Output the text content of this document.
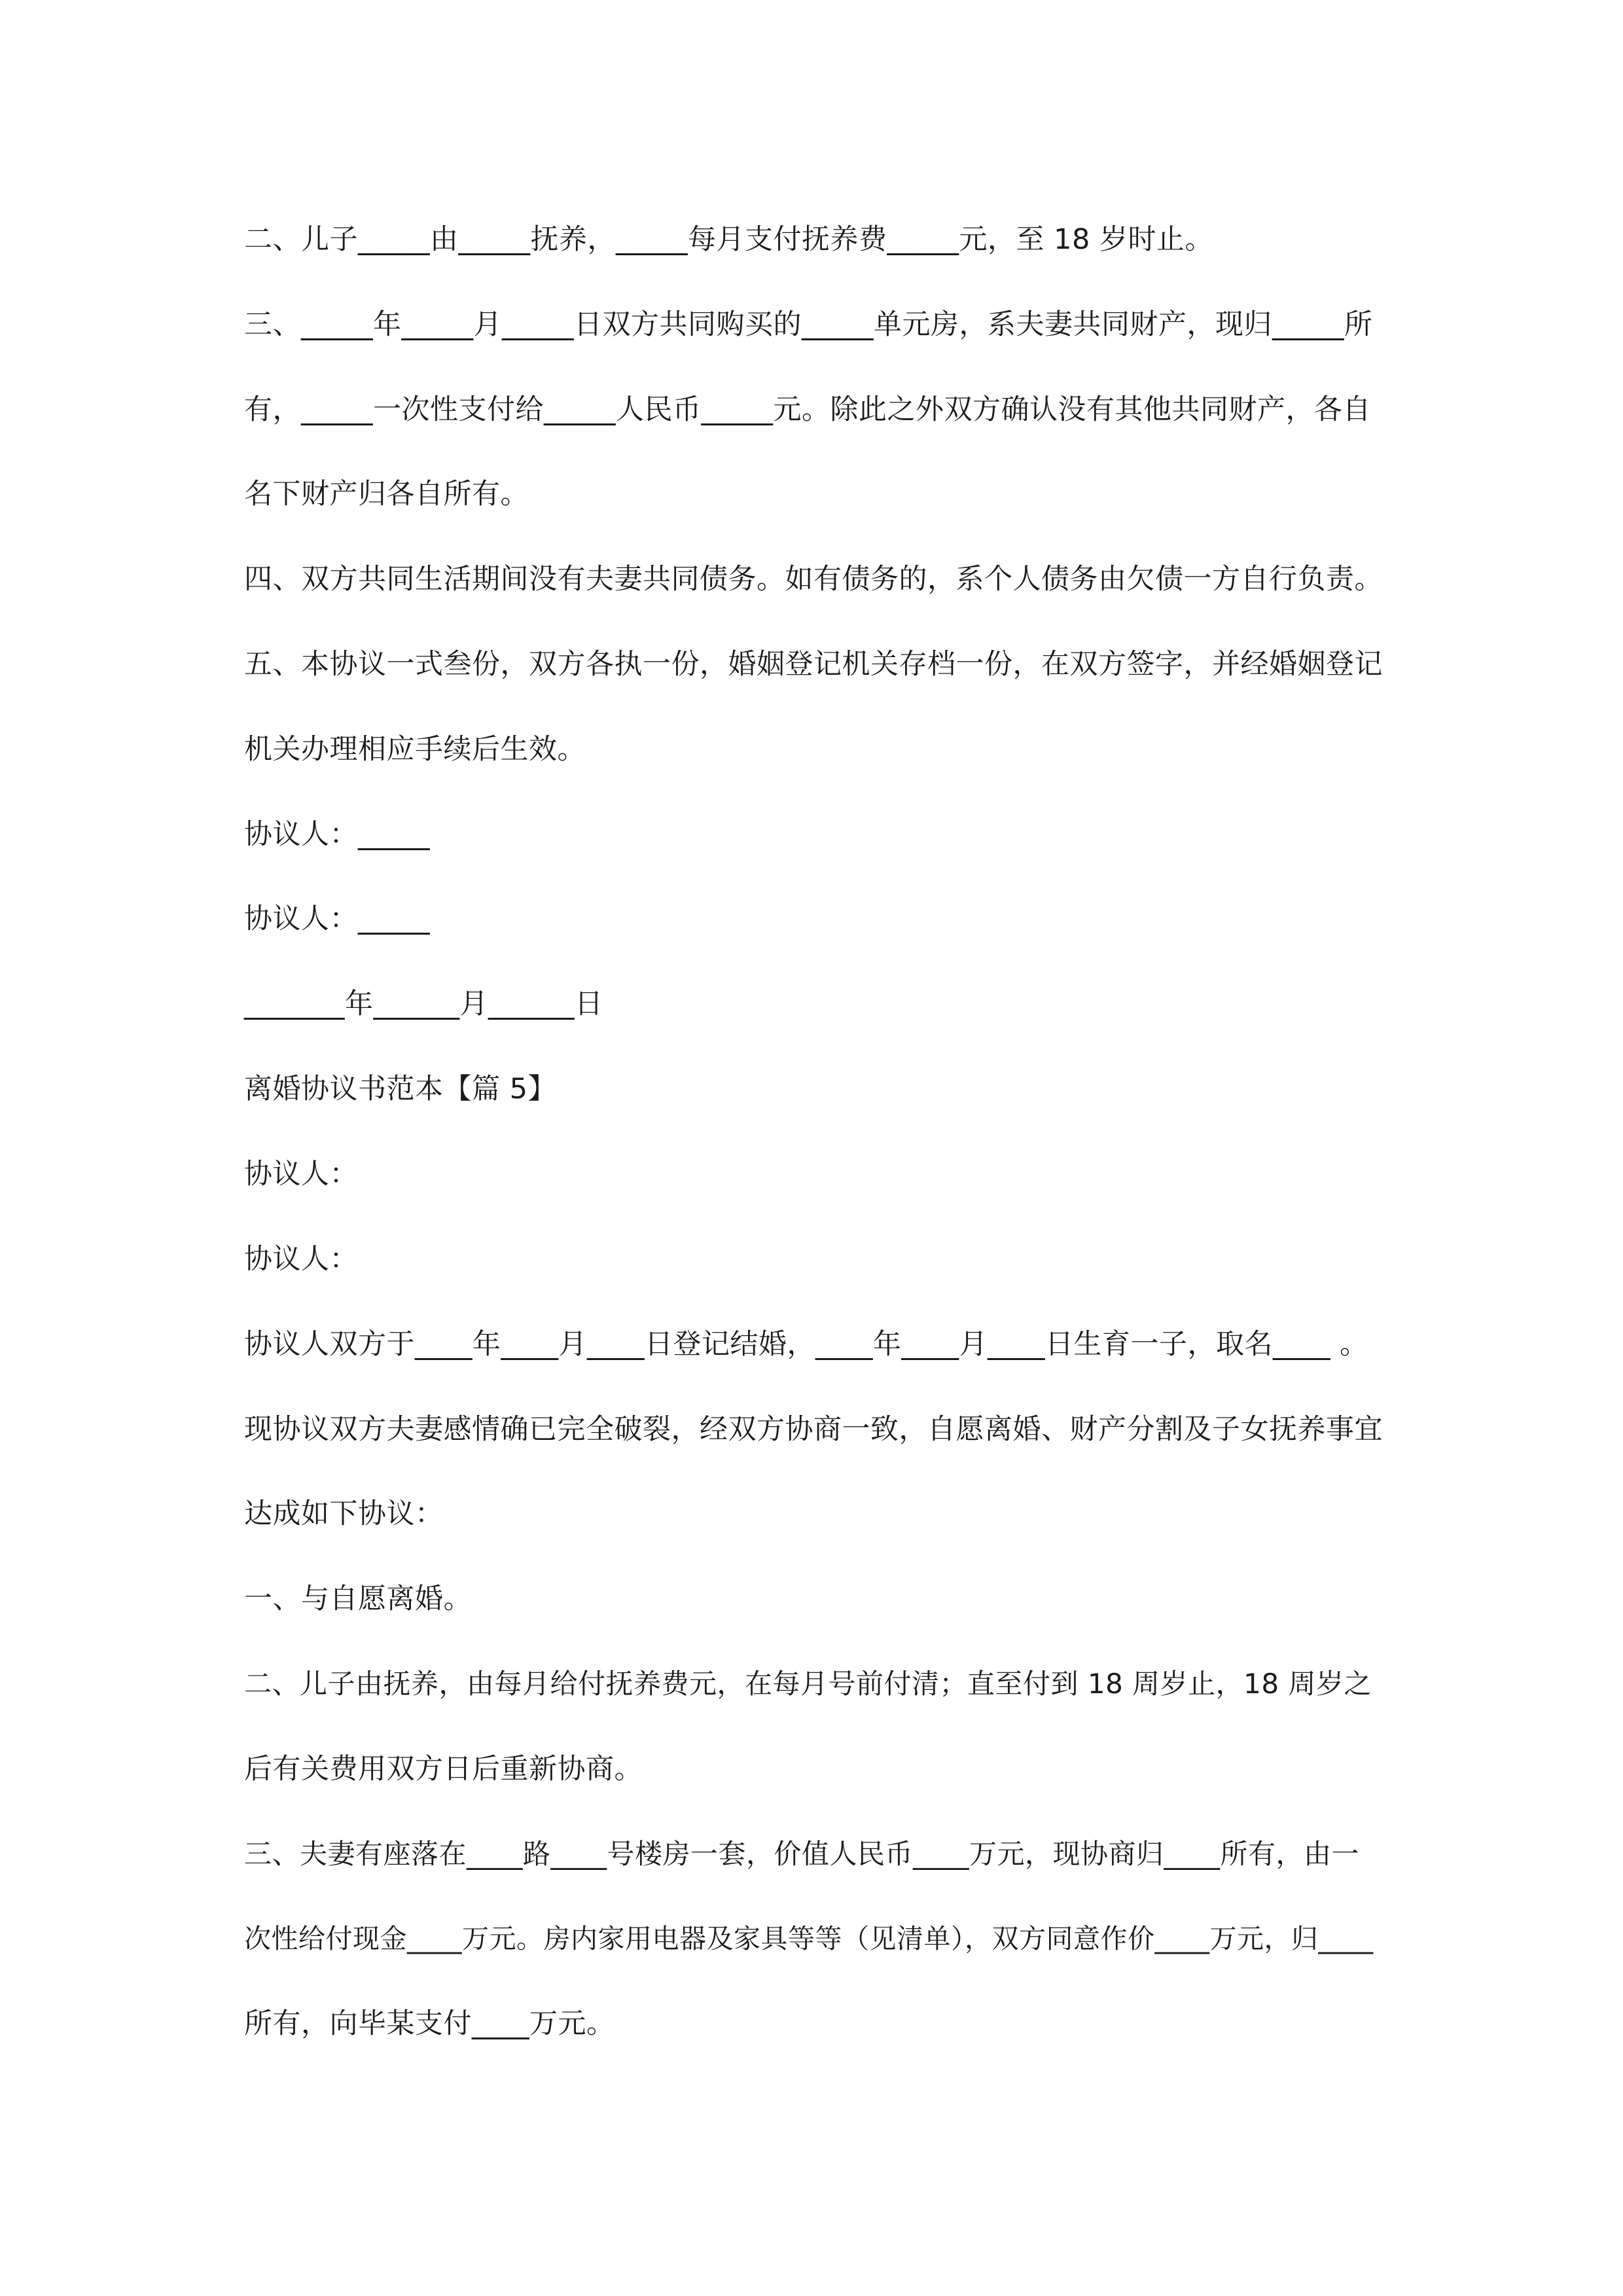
二、儿子_____由_____抚养，_____每月支付抚养费_____元，至 18 岁时止。
三、_____年_____月_____日双方共同购买的_____单元房，系夫妻共同财产，现归_____所
有，_____一次性支付给_____人民币_____元。除此之外双方确认没有其他共同财产，各自
名下财产归各自所有。
四、双方共同生活期间没有夫妻共同债务。如有债务的，系个人债务由欠债一方自行负责。
五、本协议一式叁份，双方各执一份，婚姻登记机关存档一份，在双方签字，并经婚姻登记
机关办理相应手续后生效。
协议人：_____
协议人：_____
_______年______月______日
离婚协议书范本【篇 5】
协议人：
协议人：
协议人双方于____年____月____日登记结婚，____年____月____日生育一子，取名____ 。
现协议双方夫妻感情确已完全破裂，经双方协商一致，自愿离婚、财产分割及子女抚养事宜
达成如下协议：
一、与自愿离婚。
二、儿子由抚养，由每月给付抚养费元，在每月号前付清；直至付到 18 周岁止，18 周岁之
后有关费用双方日后重新协商。
三、夫妻有座落在____路____号楼房一套，价值人民币____万元，现协商归____所有，由一
次性给付现金____万元。房内家用电器及家具等等（见清单），双方同意作价____万元，归____
所有，向毕某支付____万元。
